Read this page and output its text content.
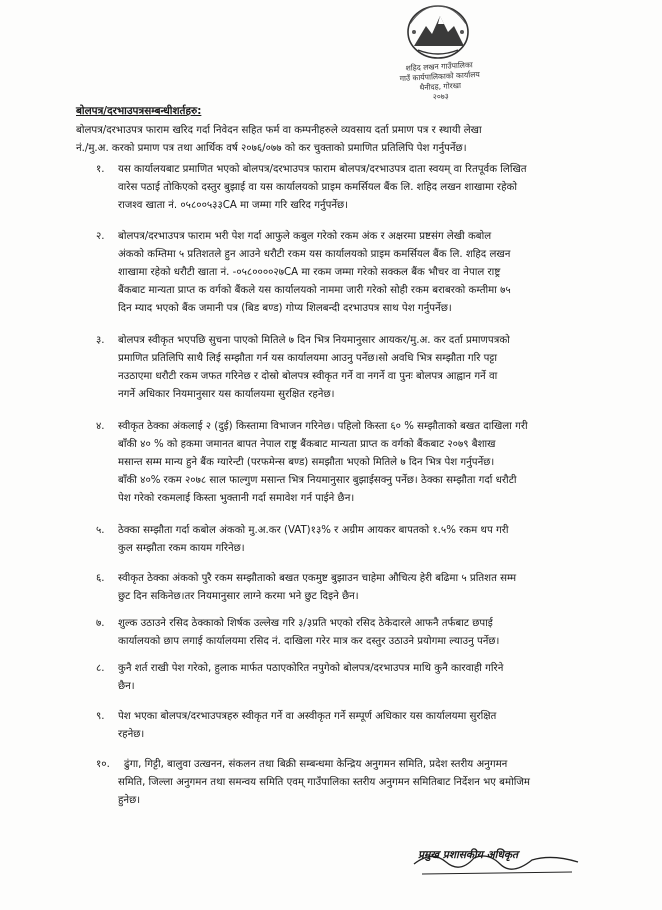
शहिद लखन गाउँपालिका
गाउँ कार्यपालिकाको कार्यालय
थैनीदह, गोरखा
२०७३
बोलपत्र/दरभाउपत्रसम्बन्धीशर्तहरु:
बोलपत्र/दरभाउपत्र फाराम खरिद गर्दा निवेदन सहित फर्म वा कम्पनीहरुले व्यवसाय दर्ता प्रमाण पत्र र स्थायी लेखा
नं./मु.अ. करको प्रमाण पत्र तथा आर्थिक वर्ष २०७६/०७७ को कर चुक्ताको प्रमाणित प्रतिलिपि पेश गर्नुपर्नेछ।
१. यस कार्यालयबाट प्रमाणित भएको बोलपत्र/दरभाउपत्र फाराम बोलपत्र/दरभाउपत्र दाता स्वयम् वा रितपूर्वक लिखित
वारेस पठाई तोकिएको दस्तुर बुझाई वा यस कार्यालयको प्राइम कमर्सियल बैंक लि. शहिद लखन शाखामा रहेको
राजश्व खाता नं. ०५८००५३३CA मा जम्मा गरि खरिद गर्नुपर्नेछ।
२. बोलपत्र/दरभाउपत्र फाराम भरी पेश गर्दा आफुले कबुल गरेको रकम अंक र अक्षरमा प्रष्टसंग लेखी कबोल
अंकको कम्तिमा ५ प्रतिशतले हुन आउने धरौटी रकम यस कार्यालयको प्राइम कमर्सियल बैंक लि. शहिद लखन
शाखामा रहेको धरौटी खाता नं. -०५८००००२७CA मा रकम जम्मा गरेको सक्कल बैंक भौचर वा नेपाल राष्ट्र
बैंकबाट मान्यता प्राप्त क वर्गको बैंकले यस कार्यालयको नाममा जारी गरेको सोही रकम बराबरको कम्तीमा ७५
दिन म्याद भएको बैंक जमानी पत्र (बिड बण्ड) गोप्य शिलबन्दी दरभाउपत्र साथ पेश गर्नुपर्नेछ।
३. बोलपत्र स्वीकृत भएपछि सुचना पाएको मितिले ७ दिन भित्र नियमानुसार आयकर/मु.अ. कर दर्ता प्रमाणपत्रको
प्रमाणित प्रतिलिपि साथै लिई सम्झौता गर्न यस कार्यालयमा आउनु पर्नेछ।सो अवधि भित्र सम्झौता गरि पट्टा
नउठाएमा धरौटी रकम जफत गरिनेछ र दोस्रो बोलपत्र स्वीकृत गर्ने वा नगर्ने वा पुनः बोलपत्र आह्वान गर्ने वा
नगर्ने अधिकार नियमानुसार यस कार्यालयमा सुरक्षित रहनेछ।
४. स्वीकृत ठेक्का अंकलाई २ (दुई) किस्तामा विभाजन गरिनेछ। पहिलो किस्ता ६० % सम्झौताको बखत दाखिला गरी
बाँकी ४० % को हकमा जमानत बापत नेपाल राष्ट्र बैंकबाट मान्यता प्राप्त क वर्गको बैंकबाट २०७९ बैशाख
मसान्त सम्म मान्य हुने बैंक ग्यारेन्टी (परफमेन्स बण्ड) समझौता भएको मितिले ७ दिन भित्र पेश गर्नुपर्नेछ।
बाँकी ४०% रकम २०७८ साल फाल्गुण मसान्त भित्र नियमानुसार बुझाईसक्नु पर्नेछ। ठेक्का सम्झौता गर्दा धरौटी
पेश गरेको रकमलाई किस्ता भुक्तानी गर्दा समावेश गर्न पाईने छैन।
५. ठेक्का सम्झौता गर्दा कबोल अंकको मु.अ.कर (VAT)१३% र अग्रीम आयकर बापतको १.५% रकम थप गरी
कुल सम्झौता रकम कायम गरिनेछ।
६. स्वीकृत ठेक्का अंकको पुरै रकम सम्झौताको बखत एकमुष्ट बुझाउन चाहेमा औचित्य हेरी बढिमा ५ प्रतिशत सम्म
छुट दिन सकिनेछ।तर नियमानुसार लाग्ने करमा भने छुट दिइने छैन।
७. शुल्क उठाउने रसिद ठेक्काको शिर्षक उल्लेख गरि ३/३प्रति भएको रसिद ठेकेदारले आफनै तर्फबाट छपाई
कार्यालयको छाप लगाई कार्यालयमा रसिद नं. दाखिला गरेर मात्र कर दस्तुर उठाउने प्रयोगमा ल्याउनु पर्नेछ।
८. कुनै शर्त राखी पेश गरेको, हुलाक मार्फत पठाएकोरित नपुगेको बोलपत्र/दरभाउपत्र माथि कुनै कारवाही गरिने
छैन।
९. पेश भएका बोलपत्र/दरभाउपत्रहरु स्वीकृत गर्ने वा अस्वीकृत गर्ने सम्पूर्ण अधिकार यस कार्यालयमा सुरक्षित
रहनेछ।
१०. ढुंगा, गिट्टी, बालुवा उत्खनन, संकलन तथा बिक्री सम्बन्धमा केन्द्रिय अनुगमन समिति, प्रदेश स्तरीय अनुगमन
समिति, जिल्ला अनुगमन तथा समन्वय समिति एवम् गाउँपालिका स्तरीय अनुगमन समितिबाट निर्देशन भए बमोजिम
हुनेछ।
प्रमुख प्रशासकीय अधिकृत
